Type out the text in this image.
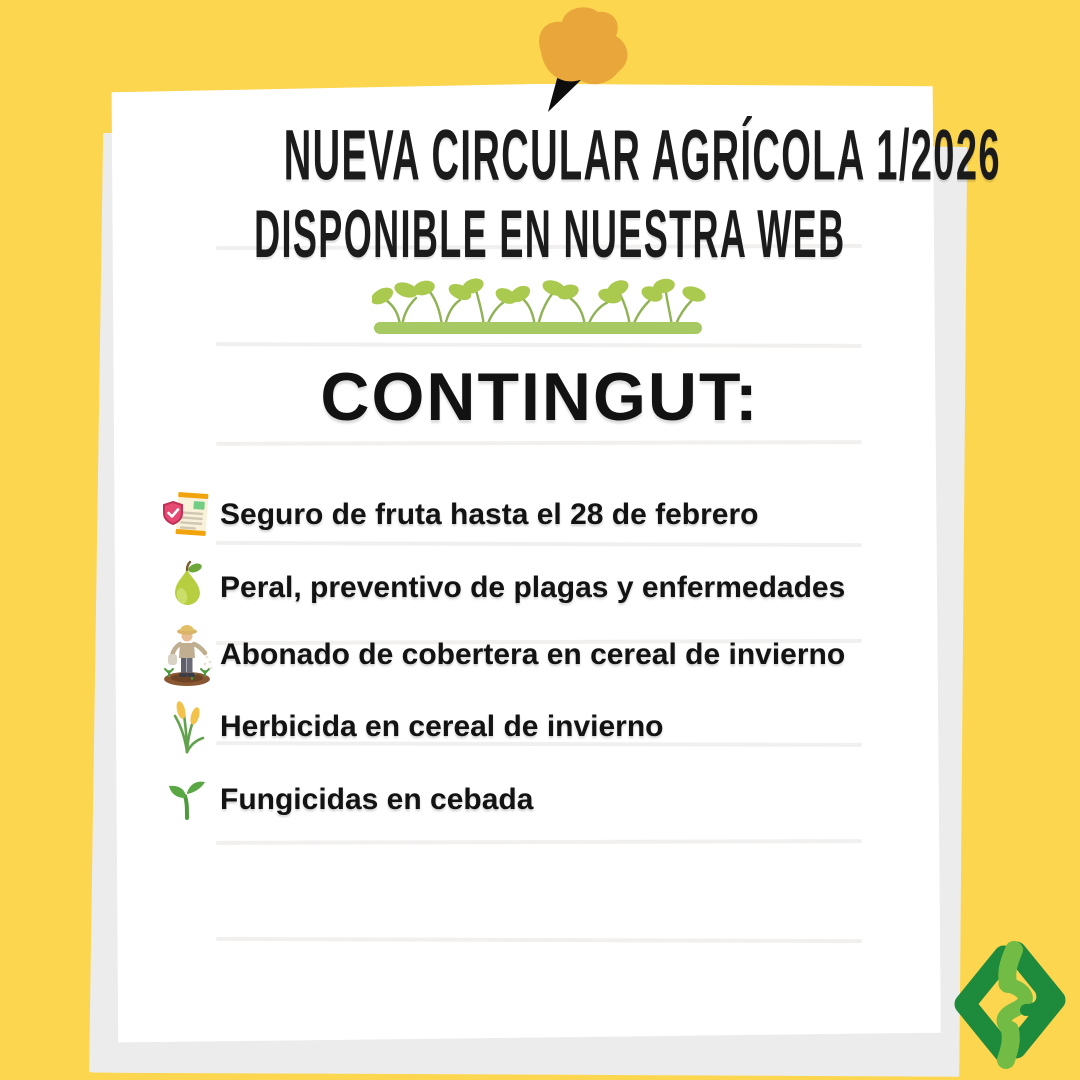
NUEVA CIRCULAR AGRÍCOLA 1/2026
DISPONIBLE EN NUESTRA WEB
CONTINGUT:
Seguro de fruta hasta el 28 de febrero
Peral, preventivo de plagas y enfermedades
Abonado de cobertera en cereal de invierno
Herbicida en cereal de invierno
Fungicidas en cebada
